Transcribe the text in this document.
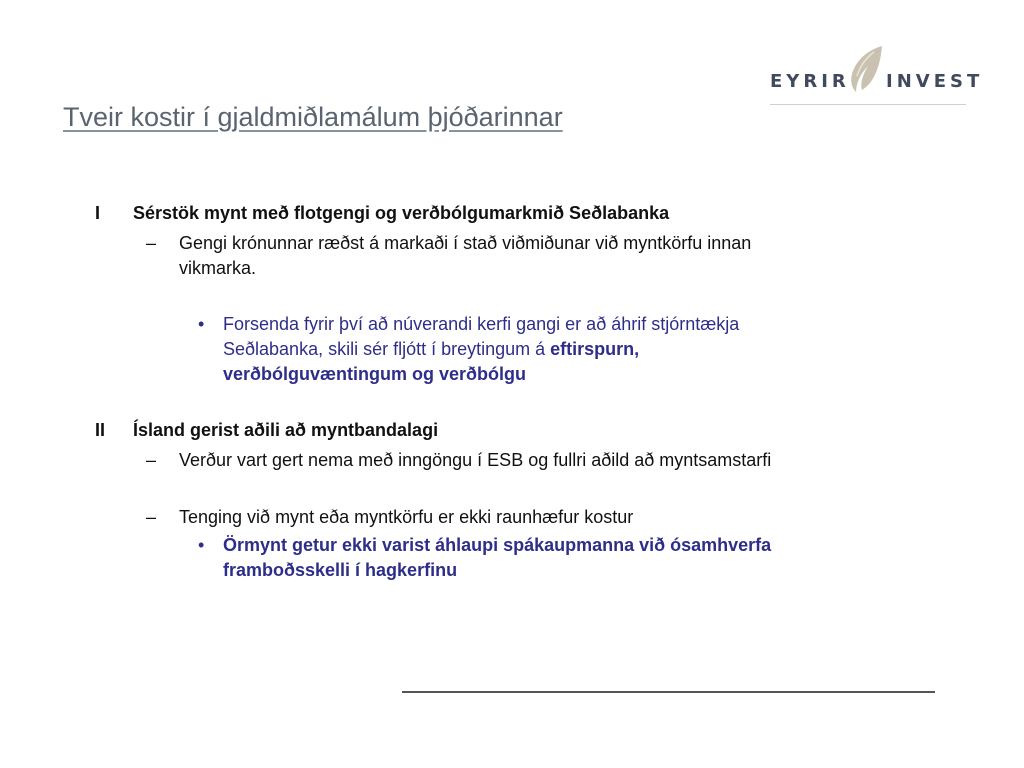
EYRIR INVEST
Tveir kostir í gjaldmiðlamálum þjóðarinnar
I Sérstök mynt með flotgengi og verðbólgumarkmið Seðlabanka
– Gengi krónunnar ræðst á markaði í stað viðmiðunar við myntkörfu innan vikmarka.
• Forsenda fyrir því að núverandi kerfi gangi er að áhrif stjórntækja Seðlabanka, skili sér fljótt í breytingum á eftirspurn, verðbólguvæntingum og verðbólgu
II Ísland gerist aðili að myntbandalagi
– Verður vart gert nema með inngöngu í ESB og fullri aðild að myntsamstarfi
– Tenging við mynt eða myntkörfu er ekki raunhæfur kostur
• Örmynt getur ekki varist áhlaupi spákaupmanna við ósamhverfa framboðsskelli í hagkerfinu
